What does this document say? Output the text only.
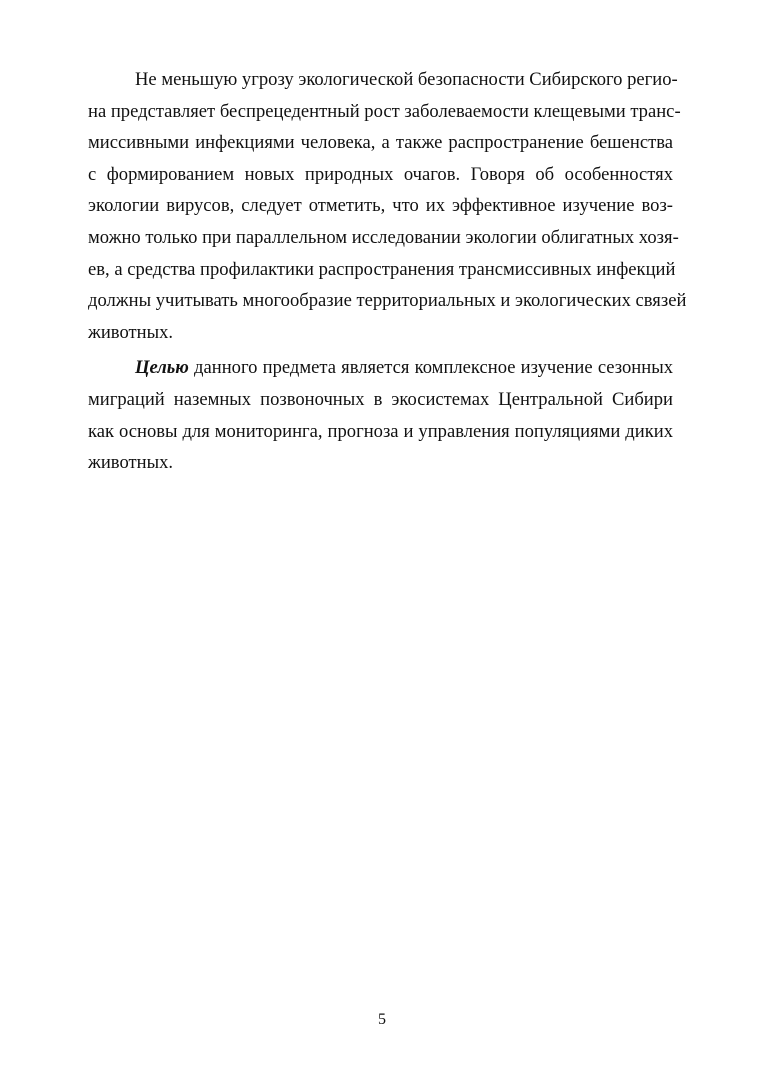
Не меньшую угрозу экологической безопасности Сибирского регио-
на представляет беспрецедентный рост заболеваемости клещевыми транс-
миссивными инфекциями человека, а также распространение бешенства
с формированием новых природных очагов. Говоря об особенностях
экологии вирусов, следует отметить, что их эффективное изучение воз-
можно только при параллельном исследовании экологии облигатных хозя-
ев, а средства профилактики распространения трансмиссивных инфекций
должны учитывать многообразие территориальных и экологических связей
животных.

Целью данного предмета является комплексное изучение сезонных
миграций наземных позвоночных в экосистемах Центральной Сибири
как основы для мониторинга, прогноза и управления популяциями диких
животных.

5
